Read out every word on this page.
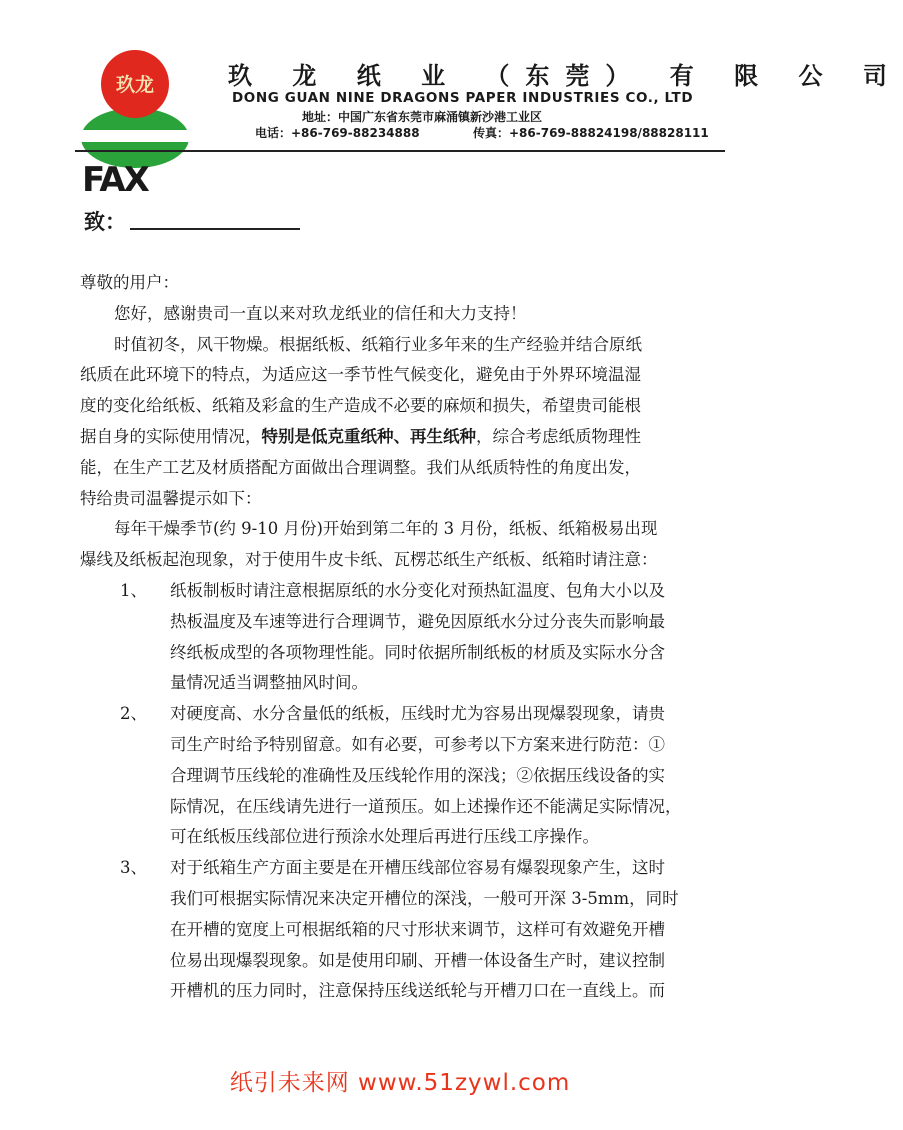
玖龙	玖 龙 纸 业 （东莞） 有 限 公 司
DONG GUAN NINE DRAGONS PAPER INDUSTRIES CO., LTD
地址：中国广东省东莞市麻涌镇新沙港工业区
电话：+86-769-88234888	传真：+86-769-88824198/88828111
FAX
致：
尊敬的用户：
您好，感谢贵司一直以来对玖龙纸业的信任和大力支持！
时值初冬，风干物燥。根据纸板、纸箱行业多年来的生产经验并结合原纸
纸质在此环境下的特点，为适应这一季节性气候变化，避免由于外界环境温湿
度的变化给纸板、纸箱及彩盒的生产造成不必要的麻烦和损失，希望贵司能根
据自身的实际使用情况，特别是低克重纸种、再生纸种，综合考虑纸质物理性
能，在生产工艺及材质搭配方面做出合理调整。我们从纸质特性的角度出发，
特给贵司温馨提示如下：
每年干燥季节(约 9-10 月份)开始到第二年的 3 月份，纸板、纸箱极易出现
爆线及纸板起泡现象，对于使用牛皮卡纸、瓦楞芯纸生产纸板、纸箱时请注意：
1、 纸板制板时请注意根据原纸的水分变化对预热缸温度、包角大小以及
热板温度及车速等进行合理调节，避免因原纸水分过分丧失而影响最
终纸板成型的各项物理性能。同时依据所制纸板的材质及实际水分含
量情况适当调整抽风时间。
2、 对硬度高、水分含量低的纸板，压线时尤为容易出现爆裂现象，请贵
司生产时给予特别留意。如有必要，可参考以下方案来进行防范：①
合理调节压线轮的准确性及压线轮作用的深浅；②依据压线设备的实
际情况，在压线请先进行一道预压。如上述操作还不能满足实际情况，
可在纸板压线部位进行预涂水处理后再进行压线工序操作。
3、 对于纸箱生产方面主要是在开槽压线部位容易有爆裂现象产生，这时
我们可根据实际情况来决定开槽位的深浅，一般可开深 3-5mm，同时
在开槽的宽度上可根据纸箱的尺寸形状来调节，这样可有效避免开槽
位易出现爆裂现象。如是使用印刷、开槽一体设备生产时，建议控制
开槽机的压力同时，注意保持压线送纸轮与开槽刀口在一直线上。而
纸引未来网 www.51zywl.com
